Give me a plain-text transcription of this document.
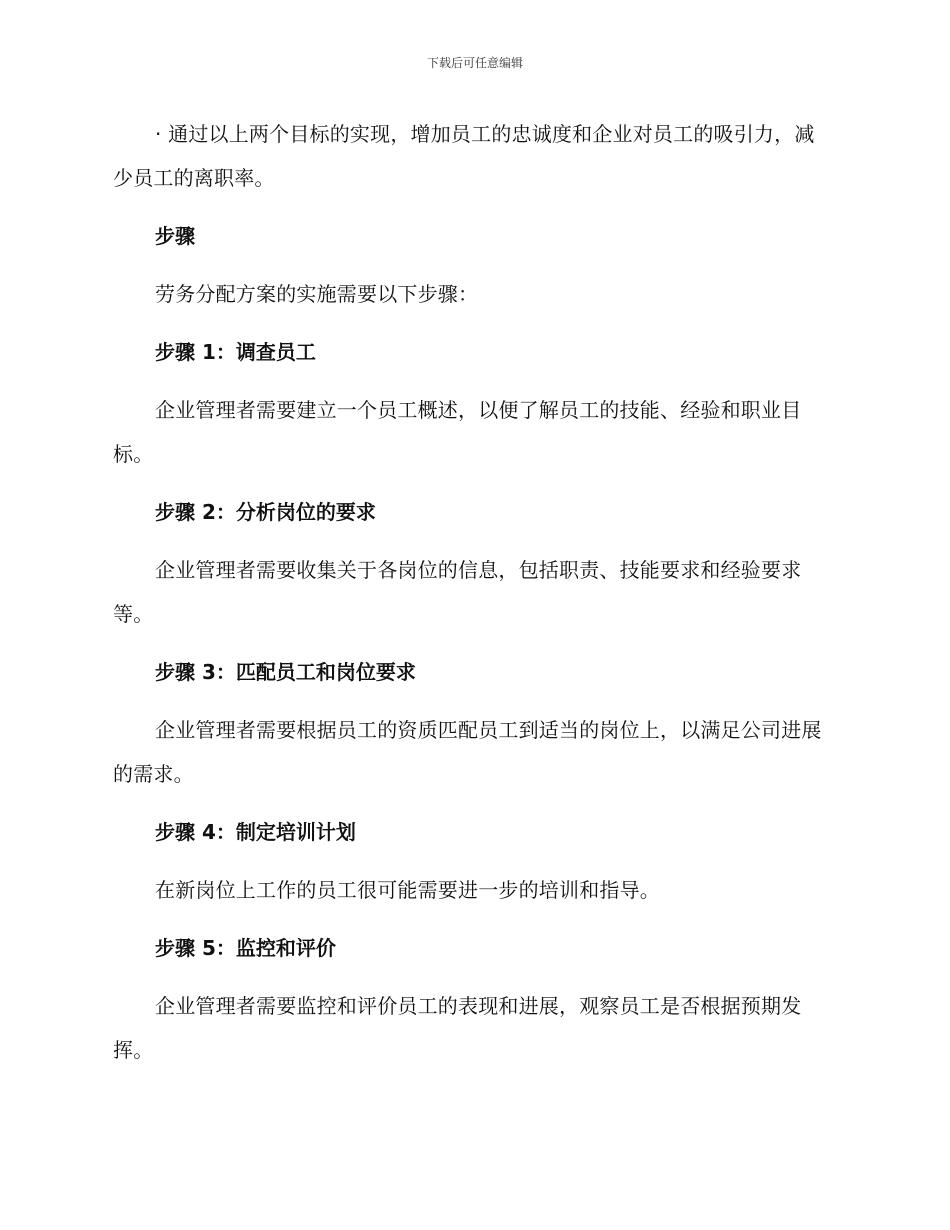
下载后可任意编辑

· 通过以上两个目标的实现，增加员工的忠诚度和企业对员工的吸引力，减少员工的离职率。

步骤

劳务分配方案的实施需要以下步骤：

步骤 1：调查员工

企业管理者需要建立一个员工概述，以便了解员工的技能、经验和职业目标。

步骤 2：分析岗位的要求

企业管理者需要收集关于各岗位的信息，包括职责、技能要求和经验要求等。

步骤 3：匹配员工和岗位要求

企业管理者需要根据员工的资质匹配员工到适当的岗位上，以满足公司进展的需求。

步骤 4：制定培训计划

在新岗位上工作的员工很可能需要进一步的培训和指导。

步骤 5：监控和评价

企业管理者需要监控和评价员工的表现和进展，观察员工是否根据预期发挥。
